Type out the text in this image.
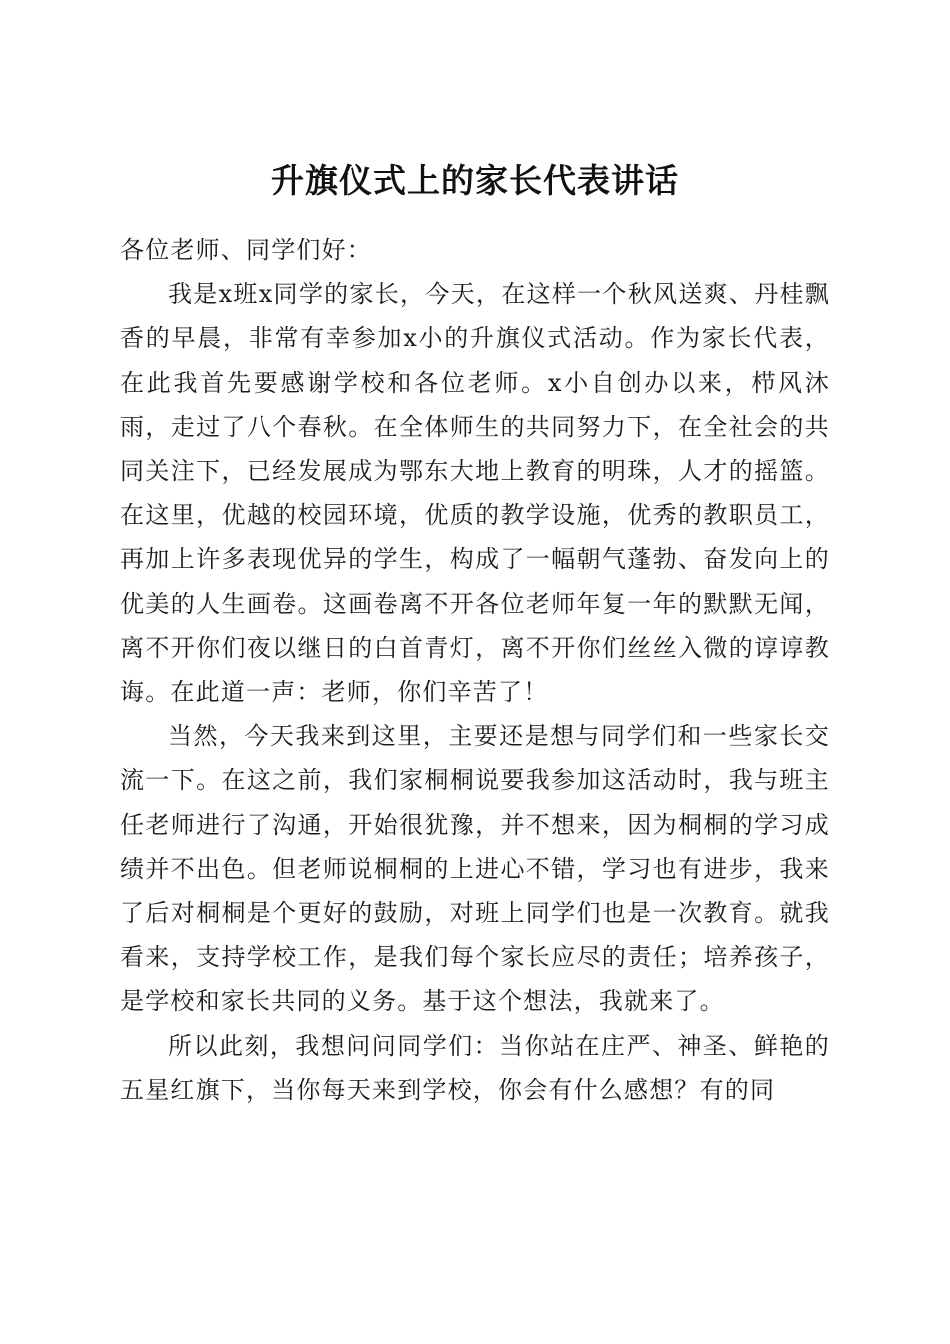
升旗仪式上的家长代表讲话

各位老师、同学们好：

我是x班x同学的家长，今天，在这样一个秋风送爽、丹桂飘香的早晨，非常有幸参加x小的升旗仪式活动。作为家长代表，在此我首先要感谢学校和各位老师。x小自创办以来，栉风沐雨，走过了八个春秋。在全体师生的共同努力下，在全社会的共同关注下，已经发展成为鄂东大地上教育的明珠，人才的摇篮。在这里，优越的校园环境，优质的教学设施，优秀的教职员工，再加上许多表现优异的学生，构成了一幅朝气蓬勃、奋发向上的优美的人生画卷。这画卷离不开各位老师年复一年的默默无闻，离不开你们夜以继日的白首青灯，离不开你们丝丝入微的谆谆教诲。在此道一声：老师，你们辛苦了！

当然，今天我来到这里，主要还是想与同学们和一些家长交流一下。在这之前，我们家桐桐说要我参加这活动时，我与班主任老师进行了沟通，开始很犹豫，并不想来，因为桐桐的学习成绩并不出色。但老师说桐桐的上进心不错，学习也有进步，我来了后对桐桐是个更好的鼓励，对班上同学们也是一次教育。就我看来，支持学校工作，是我们每个家长应尽的责任；培养孩子，是学校和家长共同的义务。基于这个想法，我就来了。

所以此刻，我想问问同学们：当你站在庄严、神圣、鲜艳的五星红旗下，当你每天来到学校，你会有什么感想？有的同
